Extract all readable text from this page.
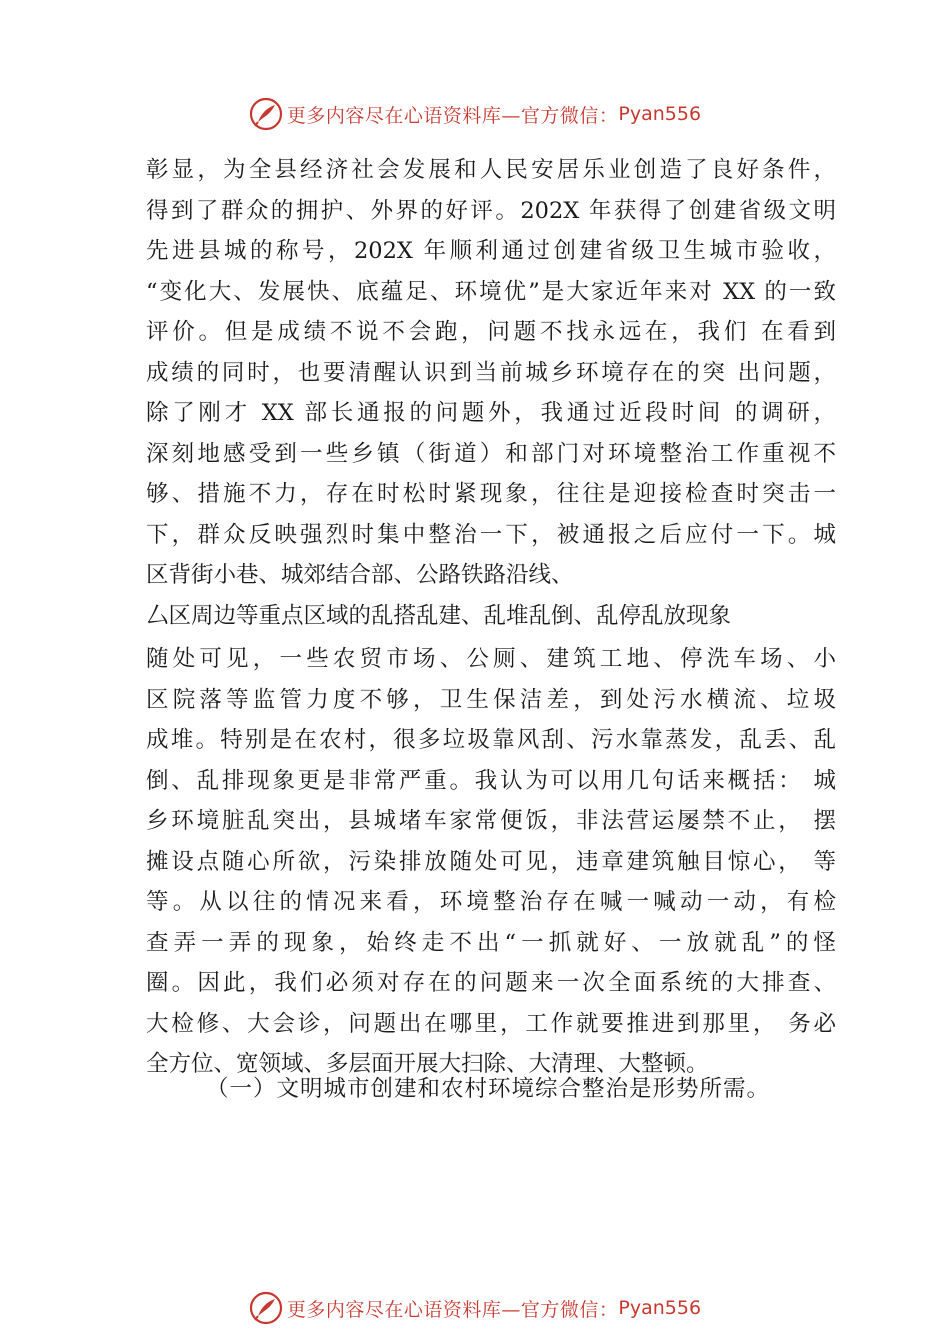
更多内容尽在心语资料库—官方微信： Pyan556
彰显，为全县经济社会发展和人民安居乐业创造了良好条件，
得到了群众的拥护、外界的好评。202X 年获得了创建省级文明
先进县城的称号，202X 年顺利通过创建省级卫生城市验收，
“变化大、发展快、底蕴足、环境优”是大家近年来对 XX 的一致
评价。但是成绩不说不会跑，问题不找永远在，我们 在看到
成绩的同时，也要清醒认识到当前城乡环境存在的突 出问题，
除了刚才 XX 部长通报的问题外，我通过近段时间 的调研，
深刻地感受到一些乡镇（街道）和部门对环境整治工作重视不
够、措施不力，存在时松时紧现象，往往是迎接检查时突击一
下，群众反映强烈时集中整治一下，被通报之后应付一下。城
区背街小巷、城郊结合部、公路铁路沿线、
厶区周边等重点区域的乱搭乱建、乱堆乱倒、乱停乱放现象
随处可见，一些农贸市场、公厕、建筑工地、停洗车场、小
区院落等监管力度不够，卫生保洁差，到处污水横流、垃圾
成堆。特别是在农村，很多垃圾靠风刮、污水靠蒸发，乱丢、乱
倒、乱排现象更是非常严重。我认为可以用几句话来概括： 城
乡环境脏乱突出，县城堵车家常便饭，非法营运屡禁不止， 摆
摊设点随心所欲，污染排放随处可见，违章建筑触目惊心， 等
等。从以往的情况来看，环境整治存在喊一喊动一动，有检
查弄一弄的现象，始终走不出“一抓就好、一放就乱”的怪
圈。因此，我们必须对存在的问题来一次全面系统的大排查、
大检修、大会诊，问题出在哪里，工作就要推进到那里， 务必
全方位、宽领域、多层面开展大扫除、大清理、大整顿。
（一）文明城市创建和农村环境综合整治是形势所需。
更多内容尽在心语资料库—官方微信： Pyan556
